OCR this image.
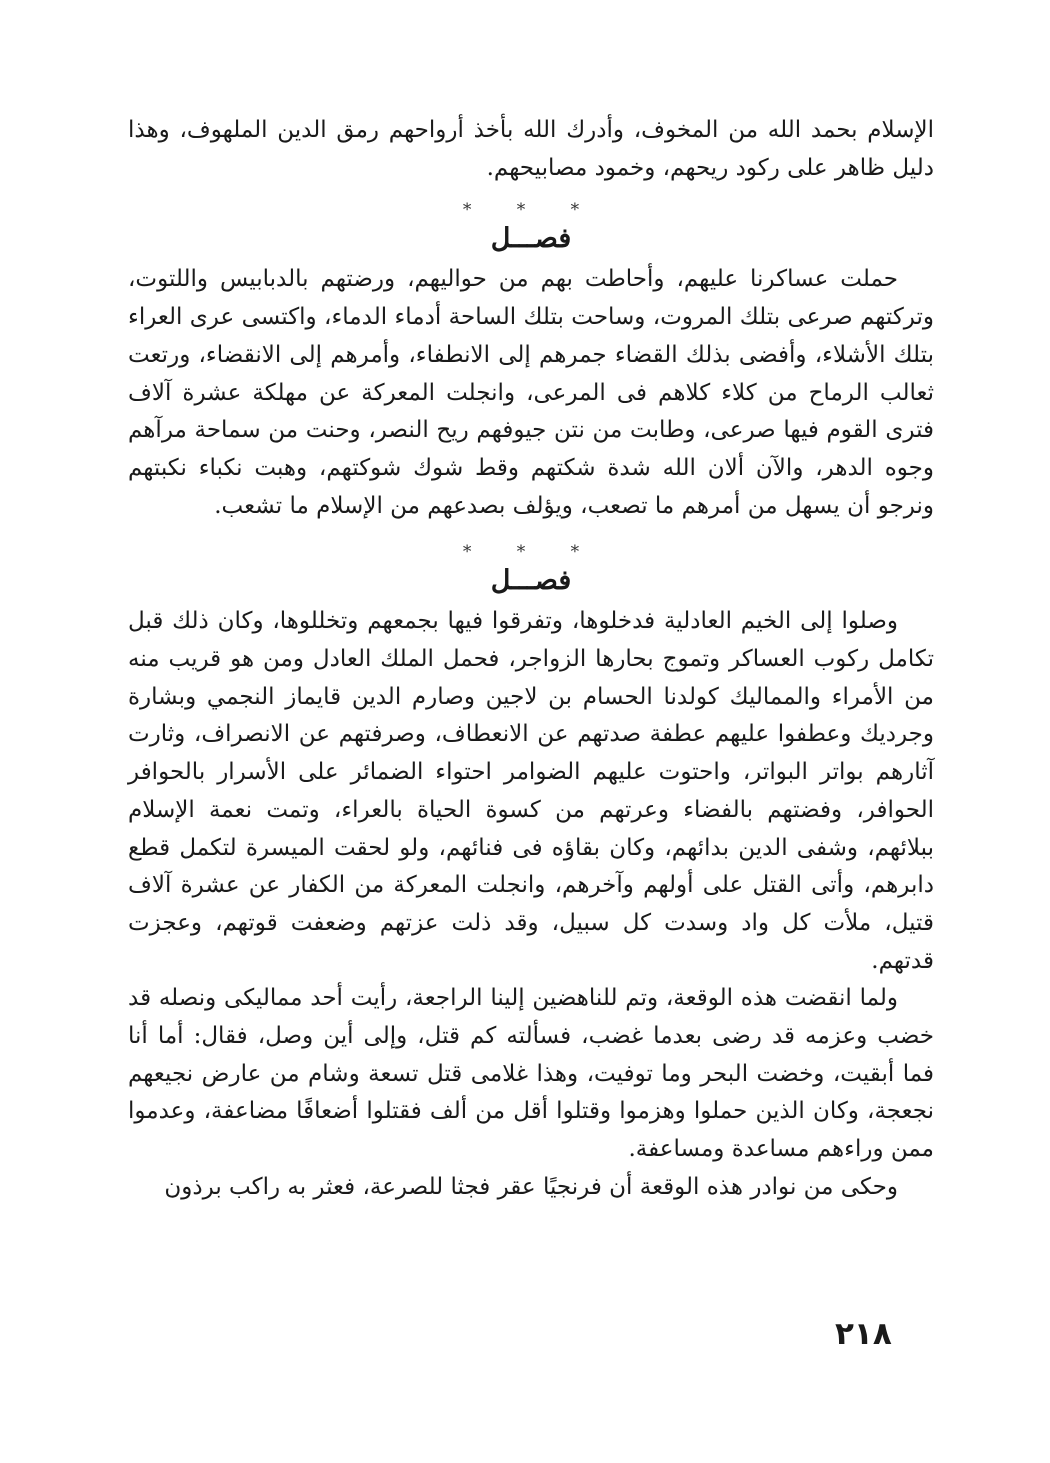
الإسلام بحمد الله من المخوف، وأدرك الله بأخذ أرواحهم رمق الدين الملهوف، وهذا دليل ظاهر على ركود ريحهم، وخمود مصابيحهم.

* * *
فصـــل

حملت عساكرنا عليهم، وأحاطت بهم من حواليهم، ورضتهم بالدبابيس واللتوت، وتركتهم صرعى بتلك المروت، وساحت بتلك الساحة أدماء الدماء، واكتسى عرى العراء بتلك الأشلاء، وأفضى بذلك القضاء جمرهم إلى الانطفاء، وأمرهم إلى الانقضاء، ورتعت ثعالب الرماح من كلاء كلاهم فى المرعى، وانجلت المعركة عن مهلكة عشرة آلاف فترى القوم فيها صرعى، وطابت من نتن جيوفهم ريح النصر، وحنت من سماحة مرآهم وجوه الدهر، والآن ألان الله شدة شكتهم وقط شوك شوكتهم، وهبت نكباء نكبتهم ونرجو أن يسهل من أمرهم ما تصعب، ويؤلف بصدعهم من الإسلام ما تشعب.

* * *
فصـــل

وصلوا إلى الخيم العادلية فدخلوها، وتفرقوا فيها بجمعهم وتخللوها، وكان ذلك قبل تكامل ركوب العساكر وتموج بحارها الزواجر، فحمل الملك العادل ومن هو قريب منه من الأمراء والمماليك كولدنا الحسام بن لاجين وصارم الدين قايماز النجمي وبشارة وجرديك وعطفوا عليهم عطفة صدتهم عن الانعطاف، وصرفتهم عن الانصراف، وثارت آثارهم بواتر البواتر، واحتوت عليهم الضوامر احتواء الضمائر على الأسرار بالحوافر الحوافر، وفضتهم بالفضاء وعرتهم من كسوة الحياة بالعراء، وتمت نعمة الإسلام ببلائهم، وشفى الدين بدائهم، وكان بقاؤه فى فنائهم، ولو لحقت الميسرة لتكمل قطع دابرهم، وأتى القتل على أولهم وآخرهم، وانجلت المعركة من الكفار عن عشرة آلاف قتيل، ملأت كل واد وسدت كل سبيل، وقد ذلت عزتهم وضعفت قوتهم، وعجزت قدتهم.

ولما انقضت هذه الوقعة، وتم للناهضين إلينا الراجعة، رأيت أحد مماليكى ونصله قد خضب وعزمه قد رضى بعدما غضب، فسألته كم قتل، وإلى أين وصل، فقال: أما أنا فما أبقيت، وخضت البحر وما توفيت، وهذا غلامى قتل تسعة وشام من عارض نجيعهم نجعجة، وكان الذين حملوا وهزموا وقتلوا أقل من ألف فقتلوا أضعافًا مضاعفة، وعدموا ممن وراءهم مساعدة ومساعفة.

وحكى من نوادر هذه الوقعة أن فرنجيًا عقر فجثا للصرعة، فعثر به راكب برذون

٢١٨
